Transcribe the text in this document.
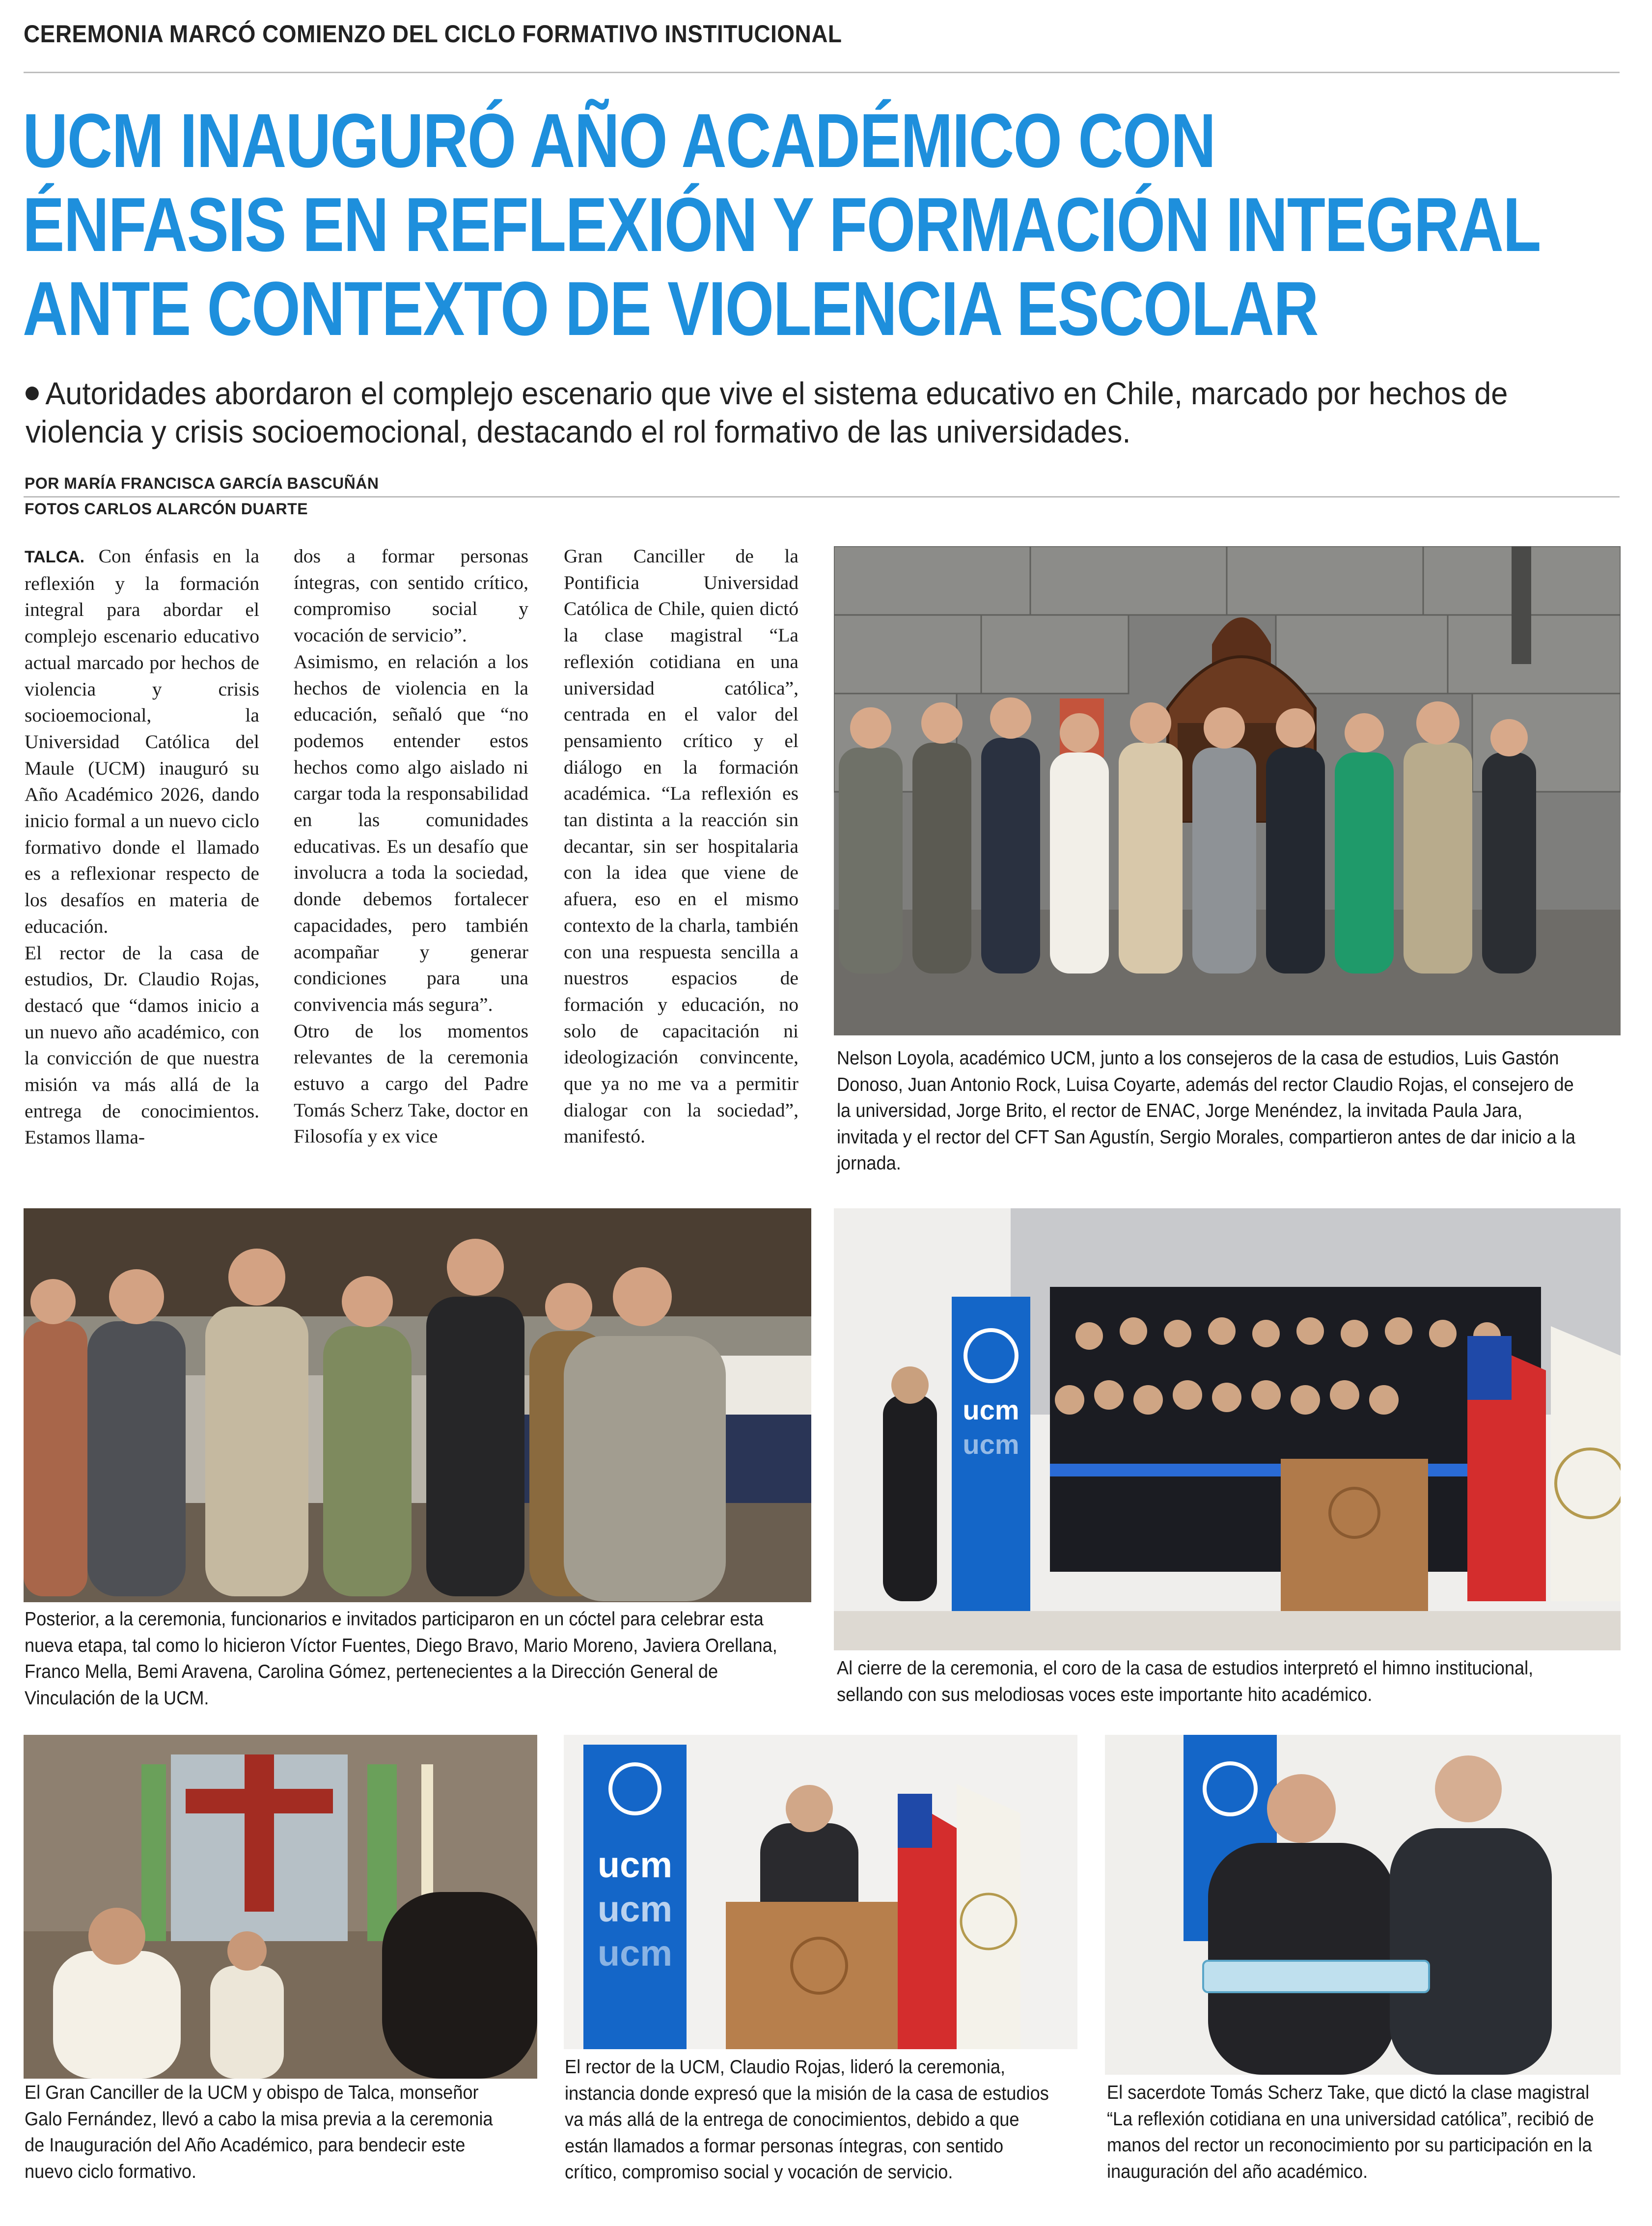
CEREMONIA MARCÓ COMIENZO DEL CICLO FORMATIVO INSTITUCIONAL
UCM INAUGURÓ AÑO ACADÉMICO CON
ÉNFASIS EN REFLEXIÓN Y FORMACIÓN INTEGRAL
ANTE CONTEXTO DE VIOLENCIA ESCOLAR

Autoridades abordaron el complejo escenario que vive el sistema educativo en Chile, marcado por hechos de violencia y crisis socioemocional, destacando el rol formativo de las universidades.

POR MARÍA FRANCISCA GARCÍA BASCUÑÁN
FOTOS CARLOS ALARCÓN DUARTE

TALCA. Con énfasis en la reflexión y la formación integral para abordar el complejo escenario educativo actual marcado por hechos de violencia y crisis socioemocional, la Universidad Católica del Maule (UCM) inauguró su Año Académico 2026, dando inicio formal a un nuevo ciclo formativo donde el llamado es a reflexionar respecto de los desafíos en materia de educación.

El rector de la casa de estudios, Dr. Claudio Rojas, destacó que “damos inicio a un nuevo año académico, con la convicción de que nuestra misión va más allá de la entrega de conocimientos. Estamos llama-

dos a formar personas íntegras, con sentido crítico, compromiso social y vocación de servicio”.

Asimismo, en relación a los hechos de violencia en la educación, señaló que “no podemos entender estos hechos como algo aislado ni cargar toda la responsabilidad en las comunidades educativas. Es un desafío que involucra a toda la sociedad, donde debemos fortalecer capacidades, pero también acompañar y generar condiciones para una convivencia más segura”.

Otro de los momentos relevantes de la ceremonia estuvo a cargo del Padre Tomás Scherz Take, doctor en Filosofía y ex vice

Gran Canciller de la Pontificia Universidad Católica de Chile, quien dictó la clase magistral “La reflexión cotidiana en una universidad católica”, centrada en el valor del pensamiento crítico y el diálogo en la formación académica. “La reflexión es tan distinta a la reacción sin decantar, sin ser hospitalaria con la idea que viene de afuera, eso en el mismo contexto de la charla, también con una respuesta sencilla a nuestros espacios de formación y educación, no solo de capacitación ni ideologización convincente, que ya no me va a permitir dialogar con la sociedad”, manifestó.

Nelson Loyola, académico UCM, junto a los consejeros de la casa de estudios, Luis Gastón Donoso, Juan Antonio Rock, Luisa Coyarte, además del rector Claudio Rojas, el consejero de la universidad, Jorge Brito, el rector de ENAC, Jorge Menéndez, la invitada Paula Jara, invitada y el rector del CFT San Agustín, Sergio Morales, compartieron antes de dar inicio a la jornada.

Posterior, a la ceremonia, funcionarios e invitados participaron en un cóctel para celebrar esta nueva etapa, tal como lo hicieron Víctor Fuentes, Diego Bravo, Mario Moreno, Javiera Orellana, Franco Mella, Bemi Aravena, Carolina Gómez, pertenecientes a la Dirección General de Vinculación de la UCM.

ucm
ucm

Al cierre de la ceremonia, el coro de la casa de estudios interpretó el himno institucional, sellando con sus melodiosas voces este importante hito académico.

El Gran Canciller de la UCM y obispo de Talca, monseñor Galo Fernández, llevó a cabo la misa previa a la ceremonia de Inauguración del Año Académico, para bendecir este nuevo ciclo formativo.

ucm
ucm
ucm

El rector de la UCM, Claudio Rojas, lideró la ceremonia, instancia donde expresó que la misión de la casa de estudios va más allá de la entrega de conocimientos, debido a que están llamados a formar personas íntegras, con sentido crítico, compromiso social y vocación de servicio.

El sacerdote Tomás Scherz Take, que dictó la clase magistral “La reflexión cotidiana en una universidad católica”, recibió de manos del rector un reconocimiento por su participación en la inauguración del año académico.
